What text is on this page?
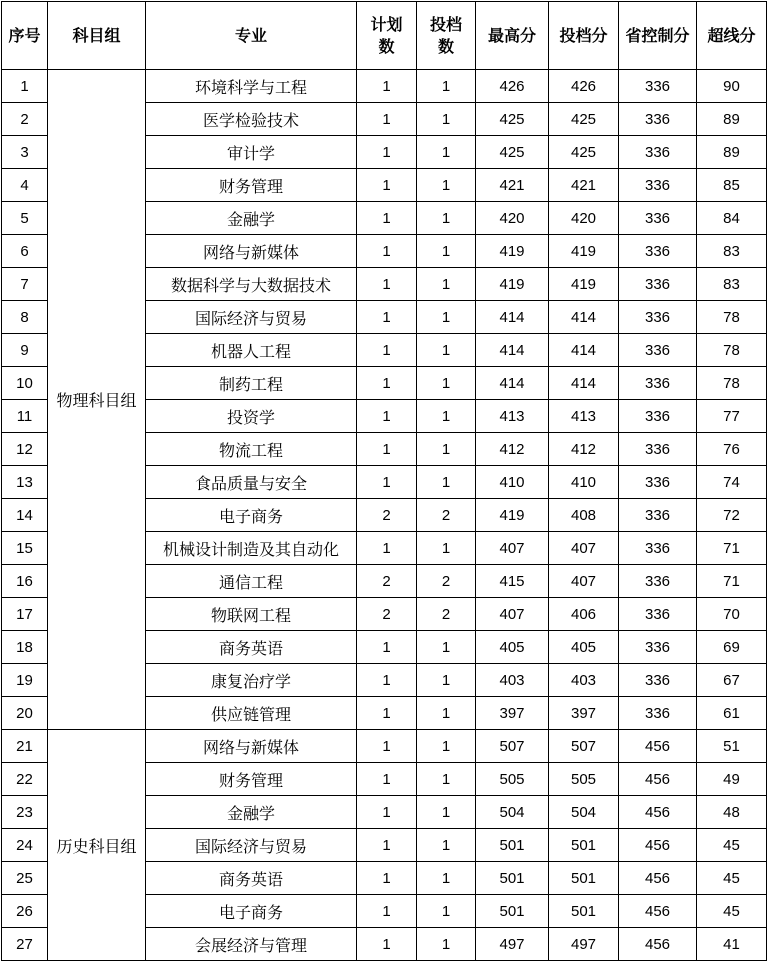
序号	科目组	专业	计划数	投档数	最高分	投档分	省控制分	超线分
1	物理科目组	环境科学与工程	1	1	426	426	336	90
2		医学检验技术	1	1	425	425	336	89
3		审计学	1	1	425	425	336	89
4		财务管理	1	1	421	421	336	85
5		金融学	1	1	420	420	336	84
6		网络与新媒体	1	1	419	419	336	83
7		数据科学与大数据技术	1	1	419	419	336	83
8		国际经济与贸易	1	1	414	414	336	78
9		机器人工程	1	1	414	414	336	78
10		制药工程	1	1	414	414	336	78
11		投资学	1	1	413	413	336	77
12		物流工程	1	1	412	412	336	76
13		食品质量与安全	1	1	410	410	336	74
14		电子商务	2	2	419	408	336	72
15		机械设计制造及其自动化	1	1	407	407	336	71
16		通信工程	2	2	415	407	336	71
17		物联网工程	2	2	407	406	336	70
18		商务英语	1	1	405	405	336	69
19		康复治疗学	1	1	403	403	336	67
20		供应链管理	1	1	397	397	336	61
21	历史科目组	网络与新媒体	1	1	507	507	456	51
22		财务管理	1	1	505	505	456	49
23		金融学	1	1	504	504	456	48
24		国际经济与贸易	1	1	501	501	456	45
25		商务英语	1	1	501	501	456	45
26		电子商务	1	1	501	501	456	45
27		会展经济与管理	1	1	497	497	456	41
